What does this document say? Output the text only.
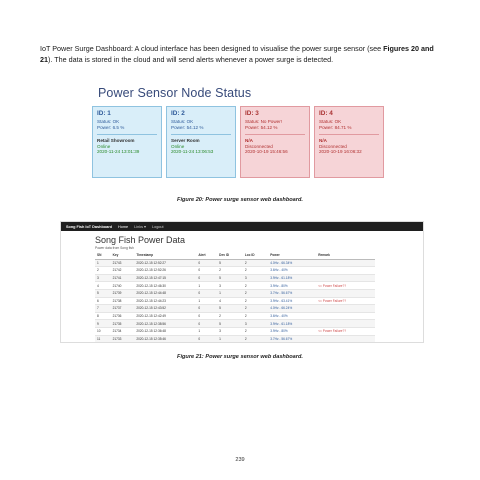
IoT Power Surge Dashboard: A cloud interface has been designed to visualise the power surge sensor (see Figures 20 and 21). The data is stored in the cloud and will send alerts whenever a power surge is detected.
Power Sensor Node Status
ID: 1
Status: OK
Power: 6.5 %
Retail Showroom
Online
2020-11-24 13:01:39
ID: 2
Status: OK
Power: 54.12 %
Server Room
Online
2020-11-24 13:06:53
ID: 3
Status: No Power!
Power: 54.12 %
N/A
Disconnected
2020-10-19 15:46:56
ID: 4
Status: OK
Power: 84.71 %
N/A
Disconnected
2020-10-19 16:06:32
Figure 20: Power surge sensor web dashboard.
Song Fish IoT Dashboard Home Links ▾ Logout
Song Fish Power Data
Power data from Song fish
SN	Key	Timestamp	Alert	Dev ID	Loc ID	Power	Remark
1	21743	2020-12-15 12:52:27	0	5	2	4.0Hz - 66.34%	
2	21742	2020-12-15 12:52:26	0	2	2	3.6Hz - 40%	
3	21741	2020-12-15 12:47:15	0	5	3	3.9Hz - 61.18%	
4	21740	2020-12-15 12:46:30	1	3	2	3.9Hz - 80%	<= Power Failure??
5	21739	2020-12-15 12:44:48	0	1	2	3.7Hz - 56.67%	
6	21738	2020-12-15 12:44:23	1	4	2	3.9Hz - 63.41%	<= Power Failure??
7	21737	2020-12-15 12:43:52	0	5	2	4.0Hz - 66.24%	
8	21736	2020-12-15 12:42:49	0	2	2	3.6Hz - 40%	
9	21735	2020-12-15 12:38:56	0	5	3	3.9Hz - 61.18%	
10	21734	2020-12-15 12:36:48	1	3	2	3.9Hz - 80%	<= Power Failure??
11	21733	2020-12-15 12:35:46	0	1	2	3.7Hz - 56.67%	
Figure 21: Power surge sensor web dashboard.
239
